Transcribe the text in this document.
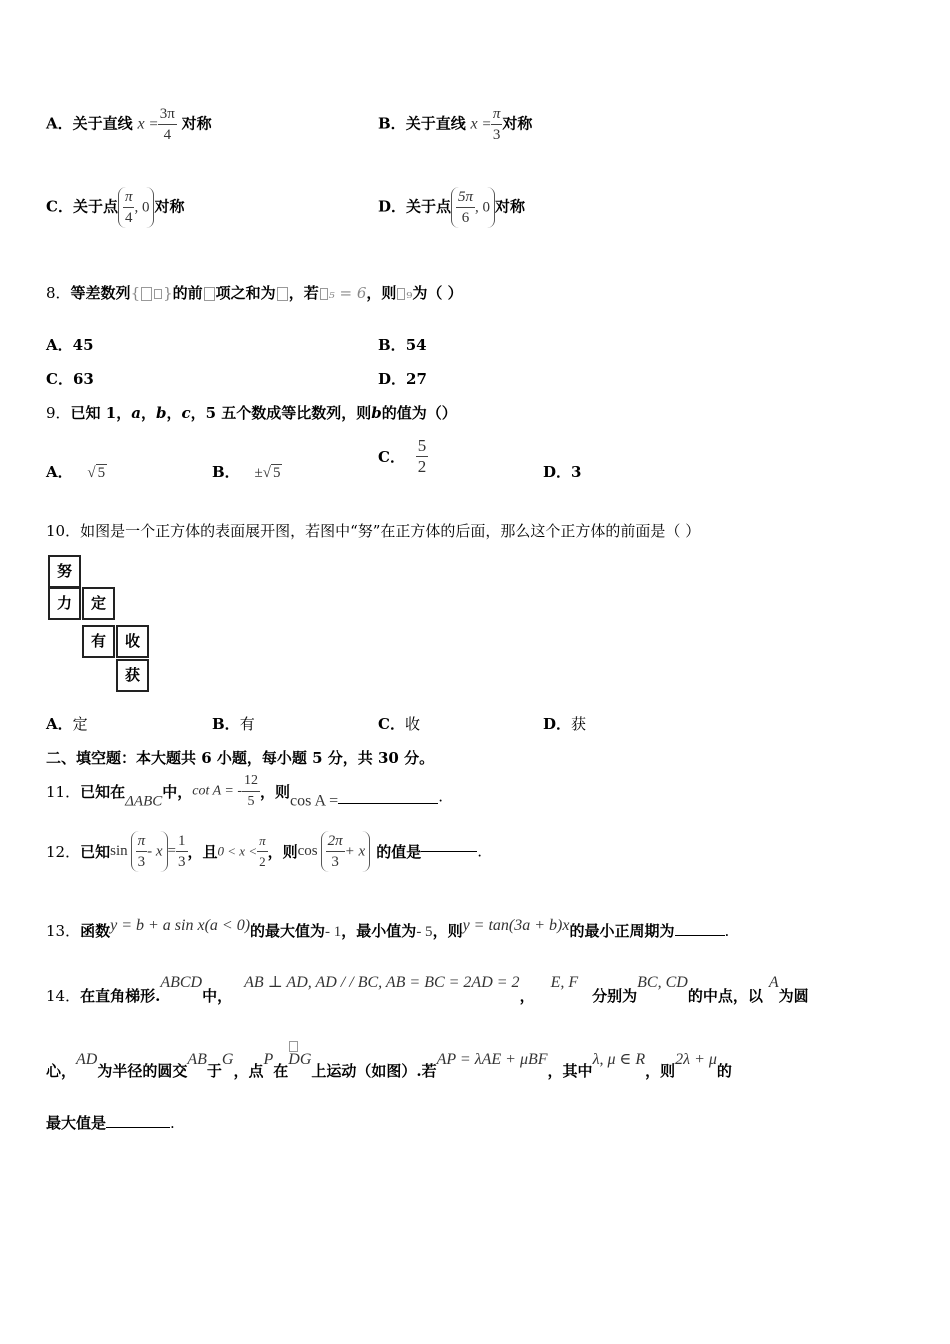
A．关于直线 $x = \frac{3\pi}{4}$ 对称	B．关于直线 $x = \frac{\pi}{3}$ 对称
C．关于点 $\frac{\pi}{4}$ , 0 对称	D．关于点 $\frac{5\pi}{6}$ , 0 对称
8．等差数列{ }的前 项之和为 ，若 ₅ = 6，则 ₉为（ ）
A．45	B．54
C．63	D．27
9．已知 1，a，b，c，5 五个数成等比数列，则b的值为（）
A． √ 5	B． ±√ 5
C． $\frac{5}{2}$	D．3
10．如图是一个正方体的表面展开图，若图中“努”在正方体的后面，那么这个正方体的前面是（ ）
努
力	定
有	收
获
A．定	B．有	C．收	D．获
二、填空题：本大题共 6 小题，每小题 5 分，共 30 分。
11．已知在ΔABC中，cot A = - $\frac{12}{5}$ ，则cos A =	.
12．已知$\sin \frac{\pi}{3} - x = \frac{1}{3}$ ，且$0 < x < \frac{\pi}{2}$ ，则$\cos \frac{2\pi}{3} + x$ 的值是	.
13．函数y = b + a sin x(a < 0)的最大值为- 1，最小值为- 5，则y = tan(3a + b)x的最小正周期为	.
14．在直角梯形.ABCD中，AB ⊥ AD, AD / / BC, AB = BC = 2AD = 2，E, F分别为BC, CD的中点，以A为圆
心，AD为半径的圆交AB于G，点P在
DG上运动（如图）.若AP = λAE + μBF，其中λ, μ ∈ R，则2λ + μ的
最大值是	.
